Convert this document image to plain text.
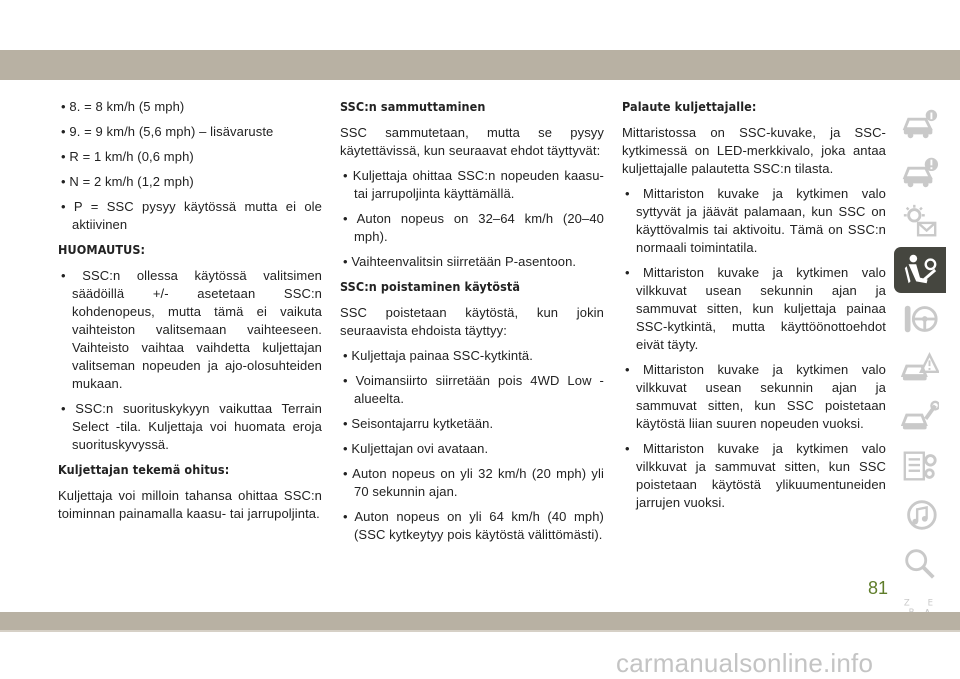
• 8. = 8 km/h (5 mph)

• 9. = 9 km/h (5,6 mph) – lisävaruste

• R = 1 km/h (0,6 mph)

• N = 2 km/h (1,2 mph)

• P = SSC pysyy käytössä mutta ei ole aktiivinen

HUOMAUTUS:

• SSC:n ollessa käytössä valitsimen säädöillä +/- asetetaan SSC:n kohdenopeus, mutta tämä ei vaikuta vaihteiston valitsemaan vaihteeseen. Vaihteisto vaihtaa vaihdetta kuljettajan valitseman nopeuden ja ajo-olosuhteiden mukaan.

• SSC:n suorituskykyyn vaikuttaa Terrain Select -tila. Kuljettaja voi huomata eroja suorituskyvyssä.

Kuljettajan tekemä ohitus:

Kuljettaja voi milloin tahansa ohittaa SSC:n toiminnan painamalla kaasu- tai jarrupoljinta.

SSC:n sammuttaminen

SSC sammutetaan, mutta se pysyy käytettävissä, kun seuraavat ehdot täyttyvät:

• Kuljettaja ohittaa SSC:n nopeuden kaasu- tai jarrupoljinta käyttämällä.

• Auton nopeus on 32–64 km/h (20–40 mph).

• Vaihteenvalitsin siirretään P-asentoon.

SSC:n poistaminen käytöstä

SSC poistetaan käytöstä, kun jokin seuraavista ehdoista täyttyy:

• Kuljettaja painaa SSC-kytkintä.

• Voimansiirto siirretään pois 4WD Low -alueelta.

• Seisontajarru kytketään.

• Kuljettajan ovi avataan.

• Auton nopeus on yli 32 km/h (20 mph) yli 70 sekunnin ajan.

• Auton nopeus on yli 64 km/h (40 mph) (SSC kytkeytyy pois käytöstä välittömästi).

Palaute kuljettajalle:

Mittaristossa on SSC-kuvake, ja SSC-kytkimessä on LED-merkkivalo, joka antaa kuljettajalle palautetta SSC:n tilasta.

• Mittariston kuvake ja kytkimen valo syttyvät ja jäävät palamaan, kun SSC on käyttövalmis tai aktivoitu. Tämä on SSC:n normaali toimintatila.

• Mittariston kuvake ja kytkimen valo vilkkuvat usean sekunnin ajan ja sammuvat sitten, kun kuljettaja painaa SSC-kytkintä, mutta käyttöönottoehdot eivät täyty.

• Mittariston kuvake ja kytkimen valo vilkkuvat usean sekunnin ajan ja sammuvat sitten, kun SSC poistetaan käytöstä liian suuren nopeuden vuoksi.

• Mittariston kuvake ja kytkimen valo vilkkuvat ja sammuvat sitten, kun SSC poistetaan käytöstä ylikuumentuneiden jarrujen vuoksi.

Z E
81
carmanualsonline.info
